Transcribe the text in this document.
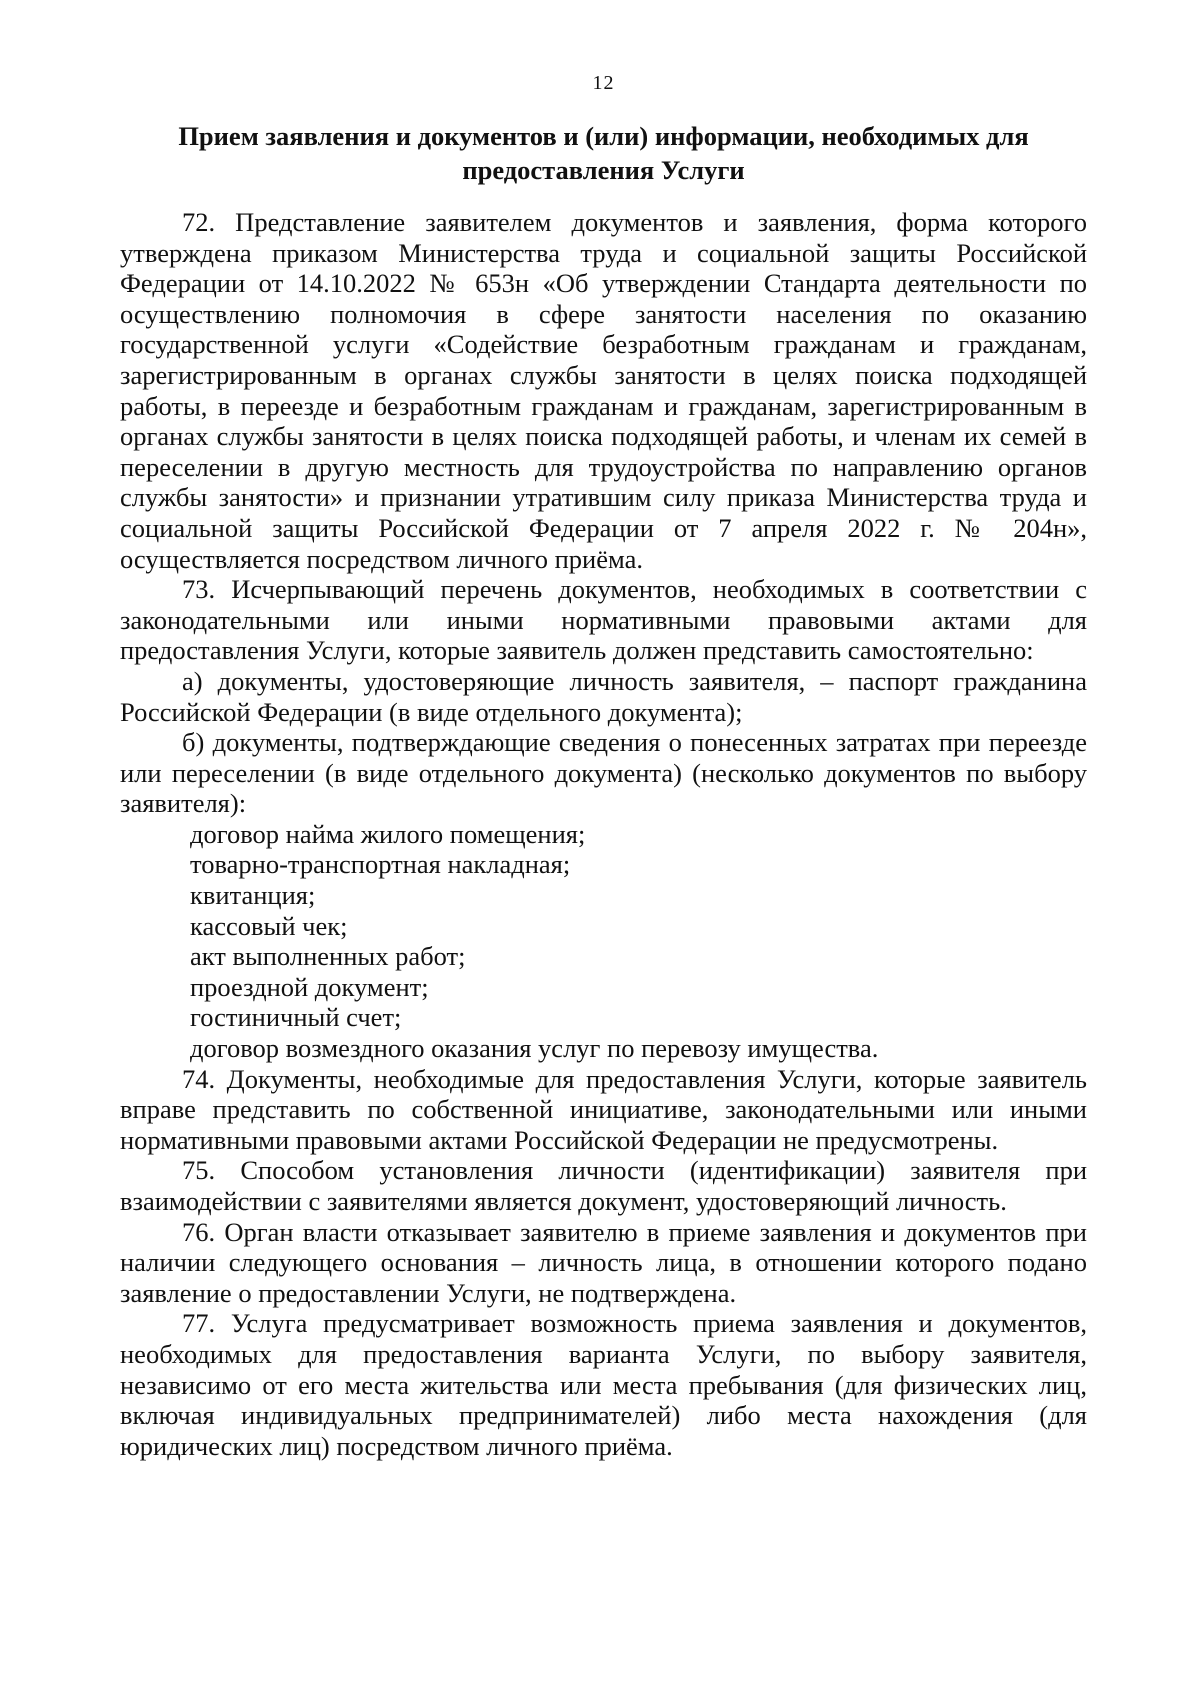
12
Прием заявления и документов и (или) информации, необходимых для предоставления Услуги

72. Представление заявителем документов и заявления, форма которого утверждена приказом Министерства труда и социальной защиты Российской Федерации от 14.10.2022 № 653н «Об утверждении Стандарта деятельности по осуществлению полномочия в сфере занятости населения по оказанию государственной услуги «Содействие безработным гражданам и гражданам, зарегистрированным в органах службы занятости в целях поиска подходящей работы, в переезде и безработным гражданам и гражданам, зарегистрированным в органах службы занятости в целях поиска подходящей работы, и членам их семей в переселении в другую местность для трудоустройства по направлению органов службы занятости» и признании утратившим силу приказа Министерства труда и социальной защиты Российской Федерации от 7 апреля 2022 г. № 204н», осуществляется посредством личного приёма.

73. Исчерпывающий перечень документов, необходимых в соответствии с законодательными или иными нормативными правовыми актами для предоставления Услуги, которые заявитель должен представить самостоятельно:

а) документы, удостоверяющие личность заявителя, – паспорт гражданина Российской Федерации (в виде отдельного документа);

б) документы, подтверждающие сведения о понесенных затратах при переезде или переселении (в виде отдельного документа) (несколько документов по выбору заявителя):

договор найма жилого помещения;

товарно-транспортная накладная;

квитанция;

кассовый чек;

акт выполненных работ;

проездной документ;

гостиничный счет;

договор возмездного оказания услуг по перевозу имущества.

74. Документы, необходимые для предоставления Услуги, которые заявитель вправе представить по собственной инициативе, законодательными или иными нормативными правовыми актами Российской Федерации не предусмотрены.

75. Способом установления личности (идентификации) заявителя при взаимодействии с заявителями является документ, удостоверяющий личность.

76. Орган власти отказывает заявителю в приеме заявления и документов при наличии следующего основания – личность лица, в отношении которого подано заявление о предоставлении Услуги, не подтверждена.

77. Услуга предусматривает возможность приема заявления и документов, необходимых для предоставления варианта Услуги, по выбору заявителя, независимо от его места жительства или места пребывания (для физических лиц, включая индивидуальных предпринимателей) либо места нахождения (для юридических лиц) посредством личного приёма.
